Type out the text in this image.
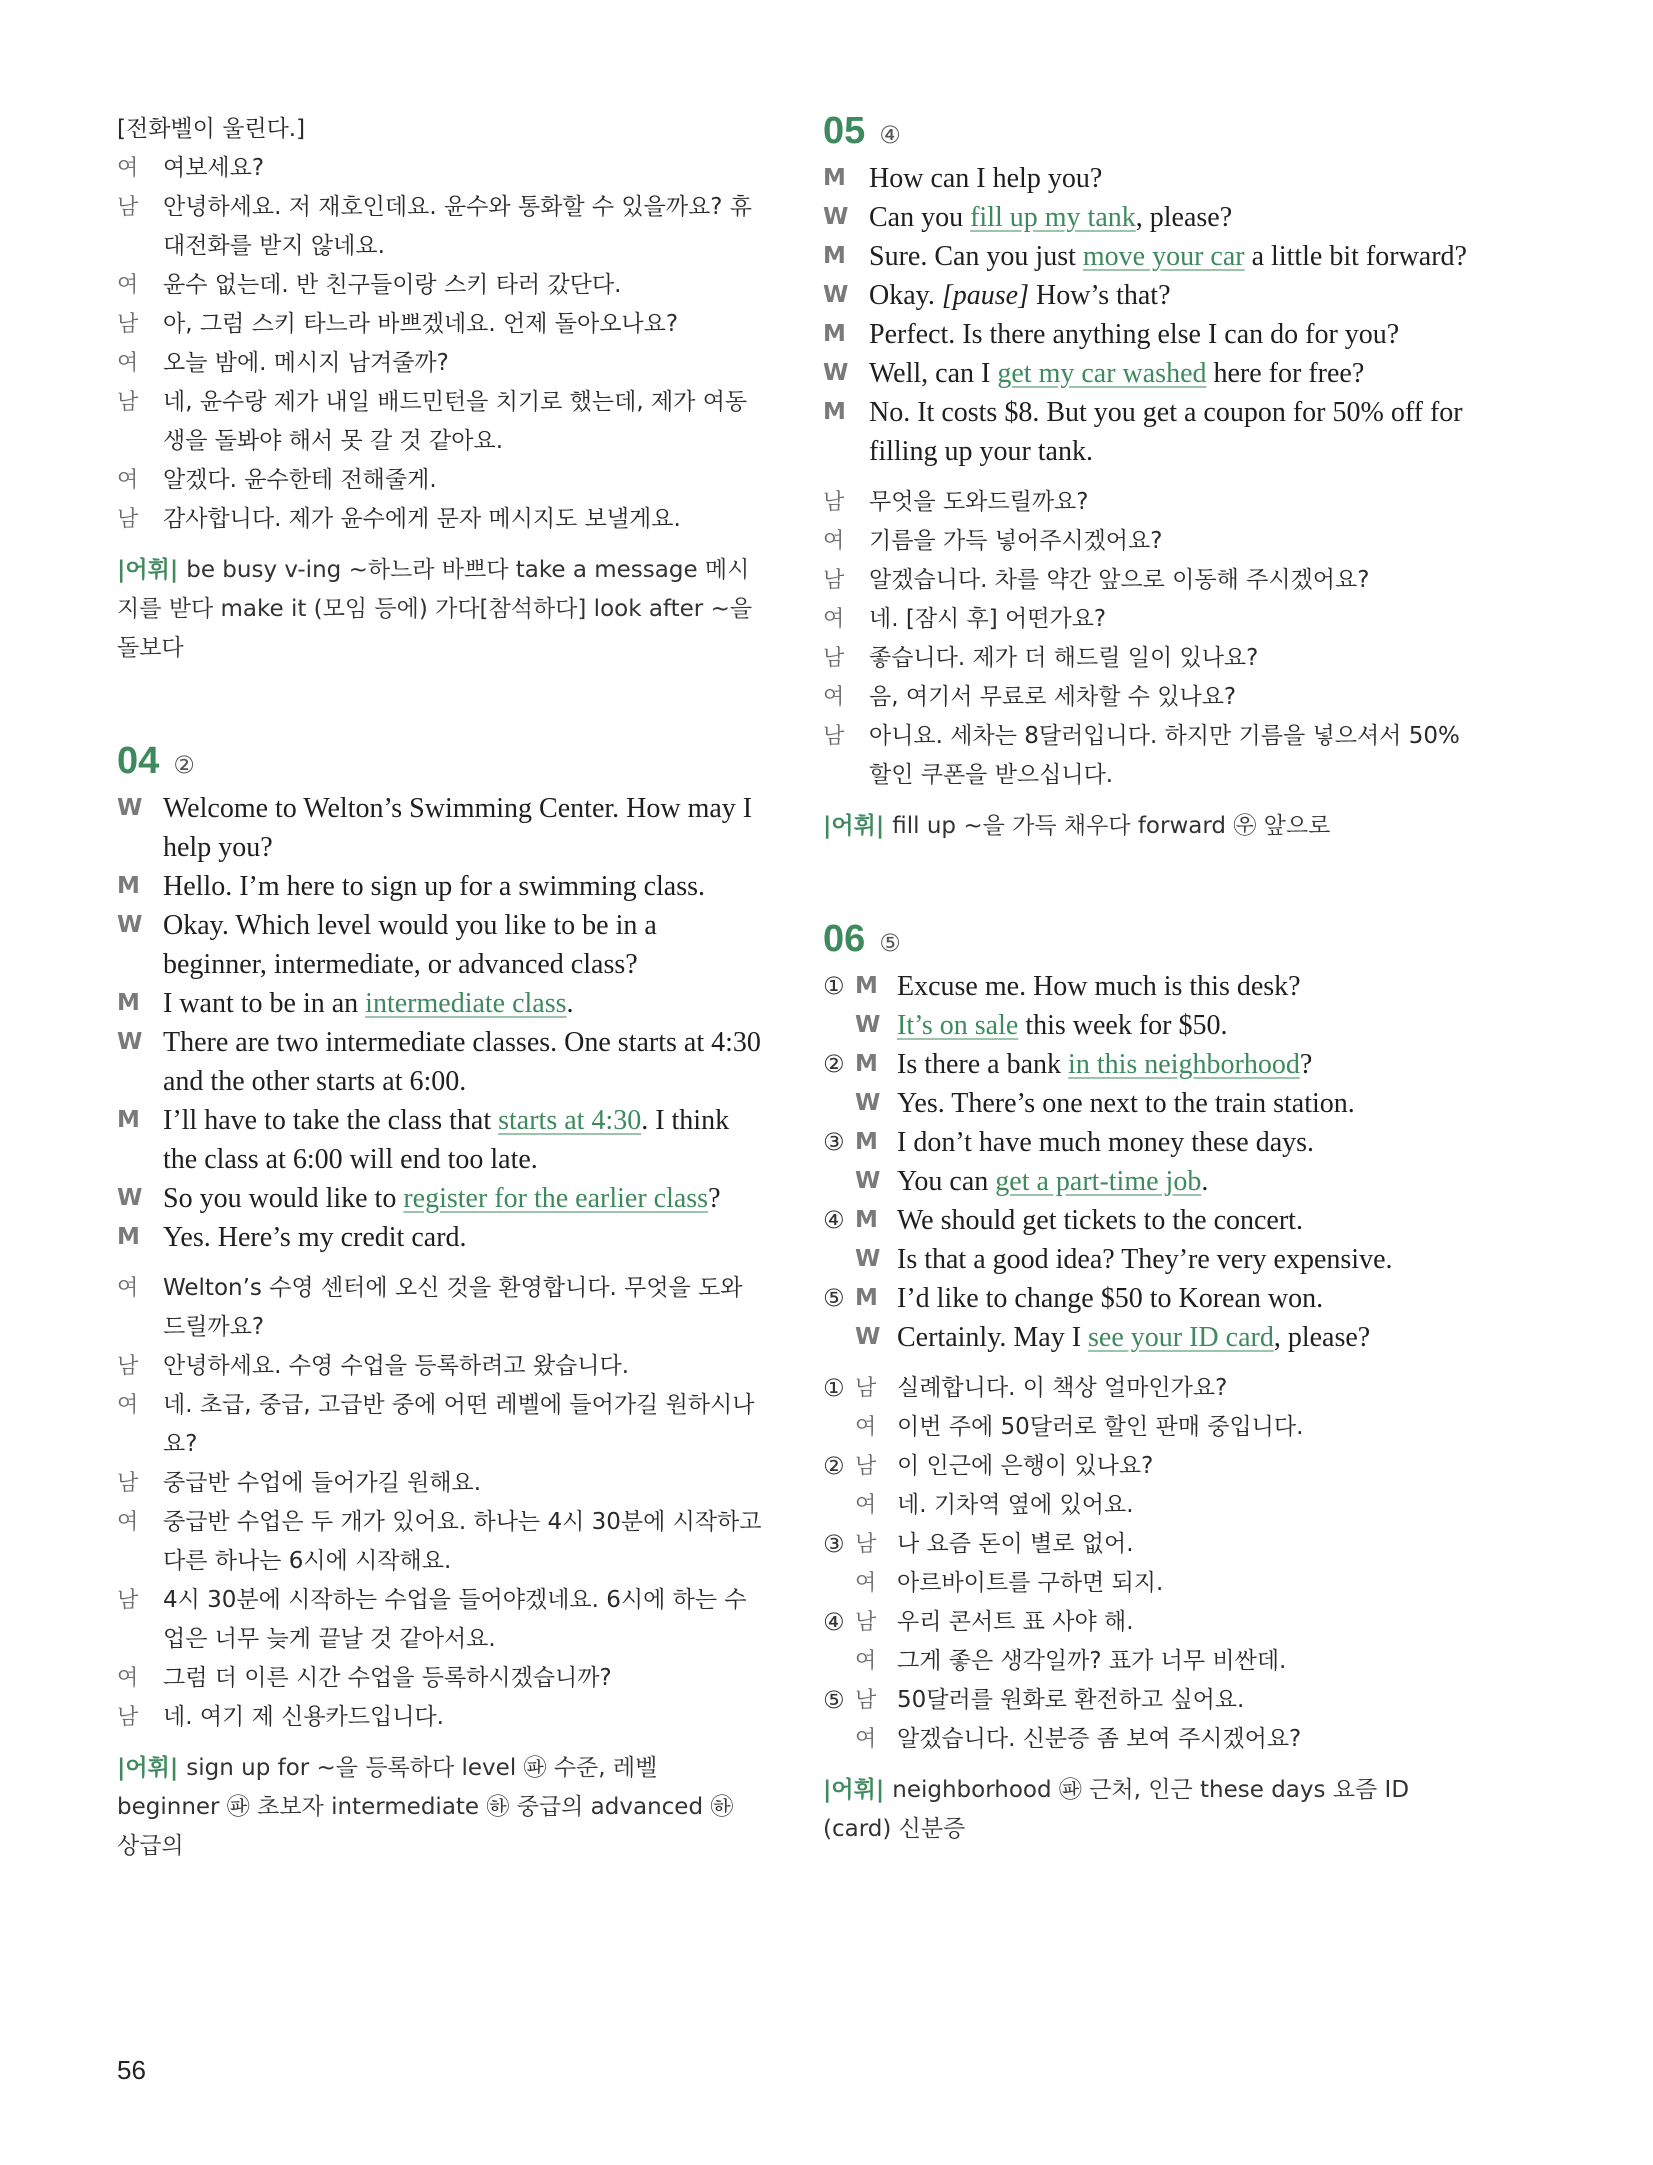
[전화벨이 울린다.]
여	여보세요?
남	안녕하세요. 저 재호인데요. 윤수와 통화할 수 있을까요? 휴대전화를 받지 않네요.
여	윤수 없는데. 반 친구들이랑 스키 타러 갔단다.
남	아, 그럼 스키 타느라 바쁘겠네요. 언제 돌아오나요?
여	오늘 밤에. 메시지 남겨줄까?
남	네, 윤수랑 제가 내일 배드민턴을 치기로 했는데, 제가 여동생을 돌봐야 해서 못 갈 것 같아요.
여	알겠다. 윤수한테 전해줄게.
남	감사합니다. 제가 윤수에게 문자 메시지도 보낼게요.
|어휘| be busy v-ing ~하느라 바쁘다 take a message 메시지를 받다 make it (모임 등에) 가다[참석하다] look after ~을 돌보다
04 ②
W Welcome to Welton’s Swimming Center. How may I help you?
M Hello. I’m here to sign up for a swimming class.
W Okay. Which level would you like to be in a beginner, intermediate, or advanced class?
M I want to be in an intermediate class.
W There are two intermediate classes. One starts at 4:30 and the other starts at 6:00.
M I’ll have to take the class that starts at 4:30. I think the class at 6:00 will end too late.
W So you would like to register for the earlier class?
M Yes. Here’s my credit card.
여	Welton’s 수영 센터에 오신 것을 환영합니다. 무엇을 도와드릴까요?
남	안녕하세요. 수영 수업을 등록하려고 왔습니다.
여	네. 초급, 중급, 고급반 중에 어떤 레벨에 들어가길 원하시나요?
남	중급반 수업에 들어가길 원해요.
여	중급반 수업은 두 개가 있어요. 하나는 4시 30분에 시작하고 다른 하나는 6시에 시작해요.
남	4시 30분에 시작하는 수업을 들어야겠네요. 6시에 하는 수업은 너무 늦게 끝날 것 같아서요.
여	그럼 더 이른 시간 수업을 등록하시겠습니까?
남	네. 여기 제 신용카드입니다.
|어휘| sign up for ~을 등록하다 level ㉺ 수준, 레벨 beginner ㉺ 초보자 intermediate ㉻ 중급의 advanced ㉻ 상급의
05 ④
M How can I help you?
W Can you fill up my tank, please?
M Sure. Can you just move your car a little bit forward?
W Okay. [pause] How’s that?
M Perfect. Is there anything else I can do for you?
W Well, can I get my car washed here for free?
M No. It costs $8. But you get a coupon for 50% off for filling up your tank.
남	무엇을 도와드릴까요?
여	기름을 가득 넣어주시겠어요?
남	알겠습니다. 차를 약간 앞으로 이동해 주시겠어요?
여	네. [잠시 후] 어떤가요?
남	좋습니다. 제가 더 해드릴 일이 있나요?
여	음, 여기서 무료로 세차할 수 있나요?
남	아니요. 세차는 8달러입니다. 하지만 기름을 넣으셔서 50% 할인 쿠폰을 받으십니다.
|어휘| fill up ~을 가득 채우다 forward ㉾ 앞으로
06 ⑤
① M Excuse me. How much is this desk?
W It’s on sale this week for $50.
② M Is there a bank in this neighborhood?
W Yes. There’s one next to the train station.
③ M I don’t have much money these days.
W You can get a part-time job.
④ M We should get tickets to the concert.
W Is that a good idea? They’re very expensive.
⑤ M I’d like to change $50 to Korean won.
W Certainly. May I see your ID card, please?
① 남 실례합니다. 이 책상 얼마인가요?
여 이번 주에 50달러로 할인 판매 중입니다.
② 남 이 인근에 은행이 있나요?
여 네. 기차역 옆에 있어요.
③ 남 나 요즘 돈이 별로 없어.
여 아르바이트를 구하면 되지.
④ 남 우리 콘서트 표 사야 해.
여 그게 좋은 생각일까? 표가 너무 비싼데.
⑤ 남 50달러를 원화로 환전하고 싶어요.
여 알겠습니다. 신분증 좀 보여 주시겠어요?
|어휘| neighborhood ㉺ 근처, 인근 these days 요즘 ID (card) 신분증
56
